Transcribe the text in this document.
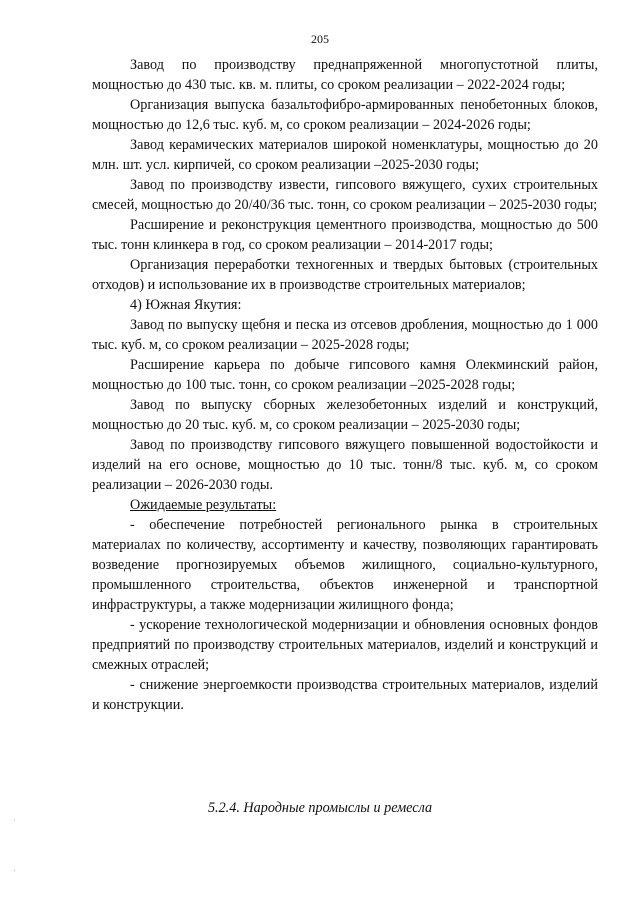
205

Завод по производству преднапряженной многопустотной плиты, мощностью до 430 тыс. кв. м. плиты, со сроком реализации – 2022-2024 годы;

Организация выпуска базальтофибро-армированных пенобетонных блоков, мощностью до 12,6 тыс. куб. м, со сроком реализации – 2024-2026 годы;

Завод керамических материалов широкой номенклатуры, мощностью до 20 млн. шт. усл. кирпичей, со сроком реализации –2025-2030 годы;

Завод по производству извести, гипсового вяжущего, сухих строительных смесей, мощностью до 20/40/36 тыс. тонн, со сроком реализации – 2025-2030 годы;

Расширение и реконструкция цементного производства, мощностью до 500 тыс. тонн клинкера в год, со сроком реализации – 2014-2017 годы;

Организация переработки техногенных и твердых бытовых (строительных отходов) и использование их в производстве строительных материалов;

4) Южная Якутия:

Завод по выпуску щебня и песка из отсевов дробления, мощностью до 1 000 тыс. куб. м, со сроком реализации – 2025-2028 годы;

Расширение карьера по добыче гипсового камня Олекминский район, мощностью до 100 тыс. тонн, со сроком реализации –2025-2028 годы;

Завод по выпуску сборных железобетонных изделий и конструкций, мощностью до 20 тыс. куб. м, со сроком реализации – 2025-2030 годы;

Завод по производству гипсового вяжущего повышенной водостойкости и изделий на его основе, мощностью до 10 тыс. тонн/8 тыс. куб. м, со сроком реализации – 2026-2030 годы.

Ожидаемые результаты:

- обеспечение потребностей регионального рынка в строительных материалах по количеству, ассортименту и качеству, позволяющих гарантировать возведение прогнозируемых объемов жилищного, социально-культурного, промышленного строительства, объектов инженерной и транспортной инфраструктуры, а также модернизации жилищного фонда;

- ускорение технологической модернизации и обновления основных фондов предприятий по производству строительных материалов, изделий и конструкций и смежных отраслей;

- снижение энергоемкости производства строительных материалов, изделий и конструкции.

5.2.4. Народные промыслы и ремесла
